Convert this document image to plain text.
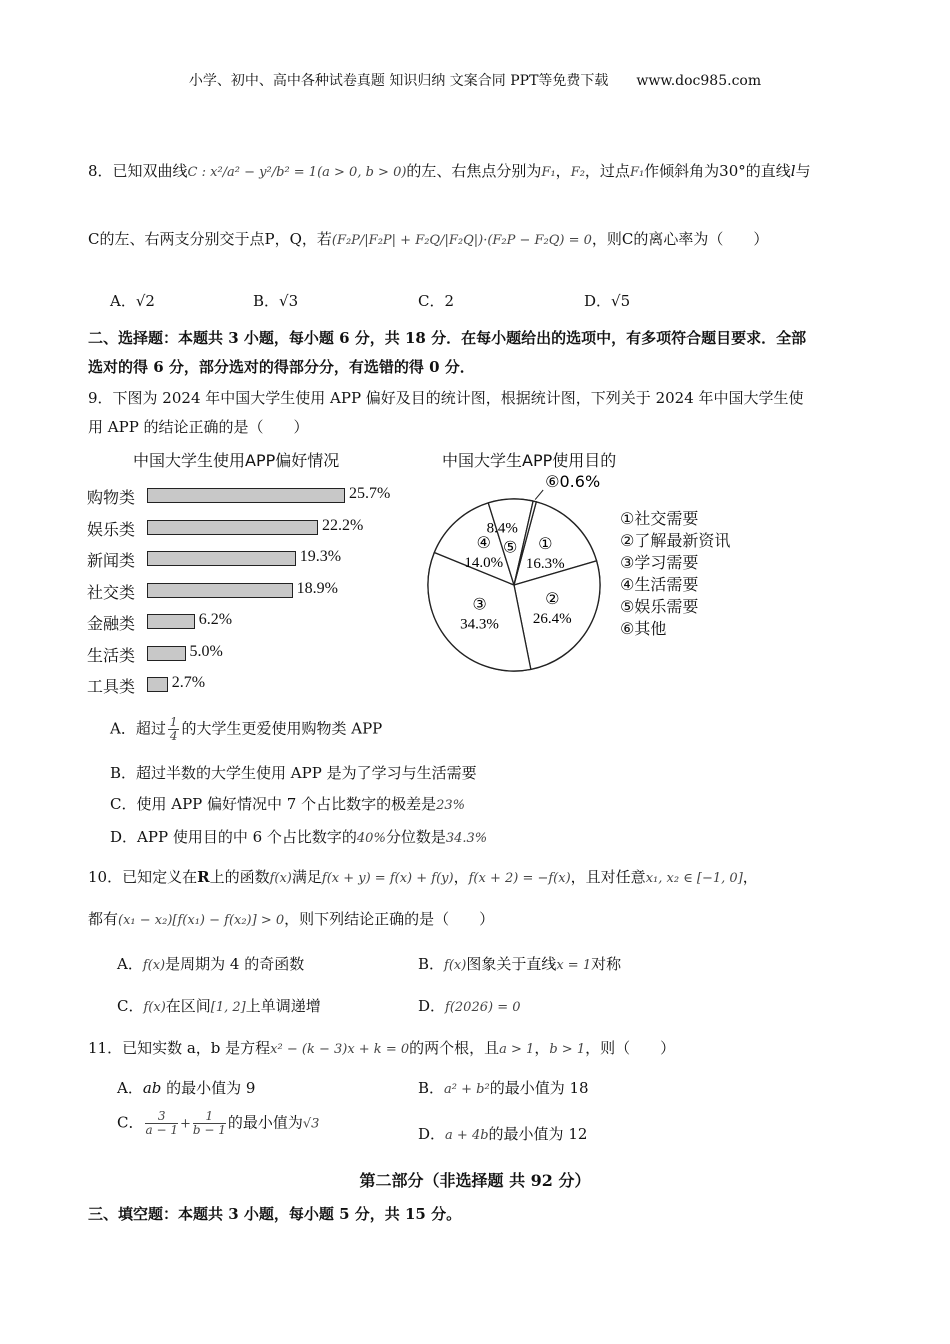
小学、初中、高中各种试卷真题 知识归纳 文案合同 PPT等免费下载 www.doc985.com
8．已知双曲线C : x²/a² − y²/b² = 1(a > 0, b > 0)的左、右焦点分别为F₁，F₂，过点F₁作倾斜角为30°的直线l与
C的左、右两支分别交于点P，Q，若(F₂P/|F₂P| + F₂Q/|F₂Q|)·(F₂P − F₂Q) = 0，则C的离心率为（　　）
A．√2	B．√3	C．2	D．√5
二、选择题：本题共 3 小题，每小题 6 分，共 18 分．在每小题给出的选项中，有多项符合题目要求．全部
选对的得 6 分，部分选对的得部分分，有选错的得 0 分．
9．下图为 2024 年中国大学生使用 APP 偏好及目的统计图，根据统计图，下列关于 2024 年中国大学生使
用 APP 的结论正确的是（　　）
中国大学生使用APP偏好情况
购物类	25.7%
娱乐类	22.2%
新闻类	19.3%
社交类	18.9%
金融类	6.2%
生活类	5.0%
工具类 2.7%
中国大学生APP使用目的
①
16.3%
②
26.4%
③
34.3%
④
14.0%
⑤
8.4%
⑥0.6%
①社交需要
②了解最新资讯
③学习需要
④生活需要
⑤娱乐需要
⑥其他
A．超过 $\frac{1}{4}$ 的大学生更爱使用购物类 APP
B．超过半数的大学生使用 APP 是为了学习与生活需要
C．使用 APP 偏好情况中 7 个占比数字的极差是23%
D．APP 使用目的中 6 个占比数字的40%分位数是34.3%
10．已知定义在R上的函数f(x)满足f(x + y) = f(x) + f(y)，f(x + 2) = −f(x)，且对任意x₁, x₂ ∈ [−1, 0]，
都有(x₁ − x₂)[f(x₁) − f(x₂)] > 0，则下列结论正确的是（　　）
A．f(x)是周期为 4 的奇函数	B．f(x)图象关于直线x = 1对称
C．f(x)在区间[1, 2]上单调递增	D．f(2026) = 0
11．已知实数 a，b 是方程x² − (k − 3)x + k = 0的两个根，且a > 1，b > 1，则（　　）
A．ab 的最小值为 9	B．a² + b²的最小值为 18
C． $\frac{3}{a - 1} + \frac{1}{b - 1}$ 的最小值为√3
D．a + 4b的最小值为 12
第二部分（非选择题 共 92 分）
三、填空题：本题共 3 小题，每小题 5 分，共 15 分。
